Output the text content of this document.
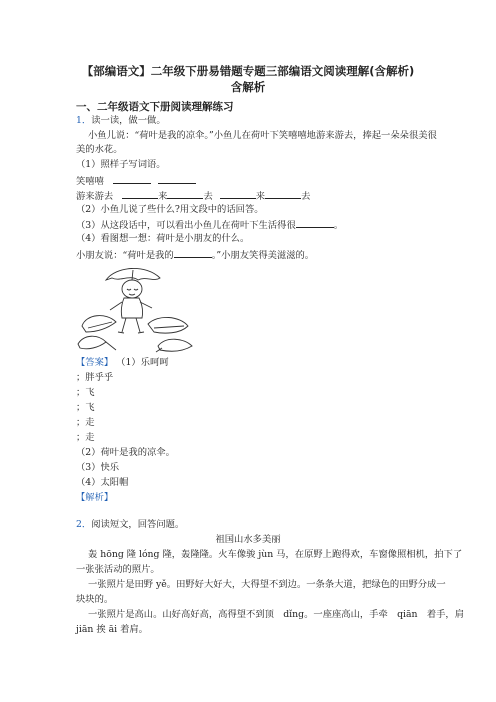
【部编语文】二年级下册易错题专题三部编语文阅读理解(含解析)
含解析
一、二年级语文下册阅读理解练习
1．读一读，做一做。
小鱼儿说：“荷叶是我的凉伞。”小鱼儿在荷叶下笑嘻嘻地游来游去，捧起一朵朵很美很
美的水花。
（1）照样子写词语。
笑嘻嘻
游来游去	来	去	来	去
（2）小鱼儿说了些什么?用文段中的话回答。
（3）从这段话中，可以看出小鱼儿在荷叶下生活得很	。
（4）看图想一想：荷叶是小朋友的什么。
小朋友说：“荷叶是我的	。”小朋友笑得美滋滋的。
【答案】 （1）乐呵呵
；胖乎乎
；飞
；飞
；走
；走
（2）荷叶是我的凉伞。
（3）快乐
（4）太阳帽
【解析】
2．阅读短文，回答问题。
祖国山水多美丽
轰 hōng 隆 lóng 隆，轰隆隆。火车像骏 jùn 马，在原野上跑得欢，车窗像照相机，拍下了
一张张活动的照片。
一张照片是田野 yě。田野好大好大，大得望不到边。一条条大道，把绿色的田野分成一
块块的。
一张照片是高山。山好高好高，高得望不到顶　dǐng。一座座高山，手牵　qiān　着手，肩
jiān 挨 āi 着肩。
